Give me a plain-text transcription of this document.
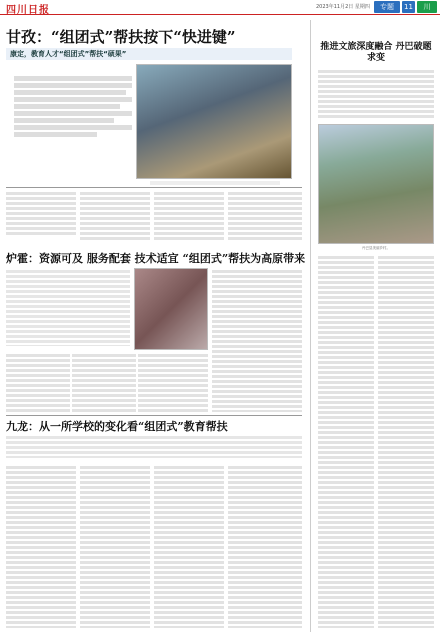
四川日报	2023年11月2日 星期四	专题	11	川
甘孜：“组团式”帮扶按下“快进键”
康定，教育人才“组团式”帮扶“硕果”
炉霍：资源可及 服务配套 技术适宜 “组团式”帮扶为高原带来
九龙：从一所学校的变化看“组团式”教育帮扶
推进文旅深度融合 丹巴破题求变
丹巴县美丽乡村。
